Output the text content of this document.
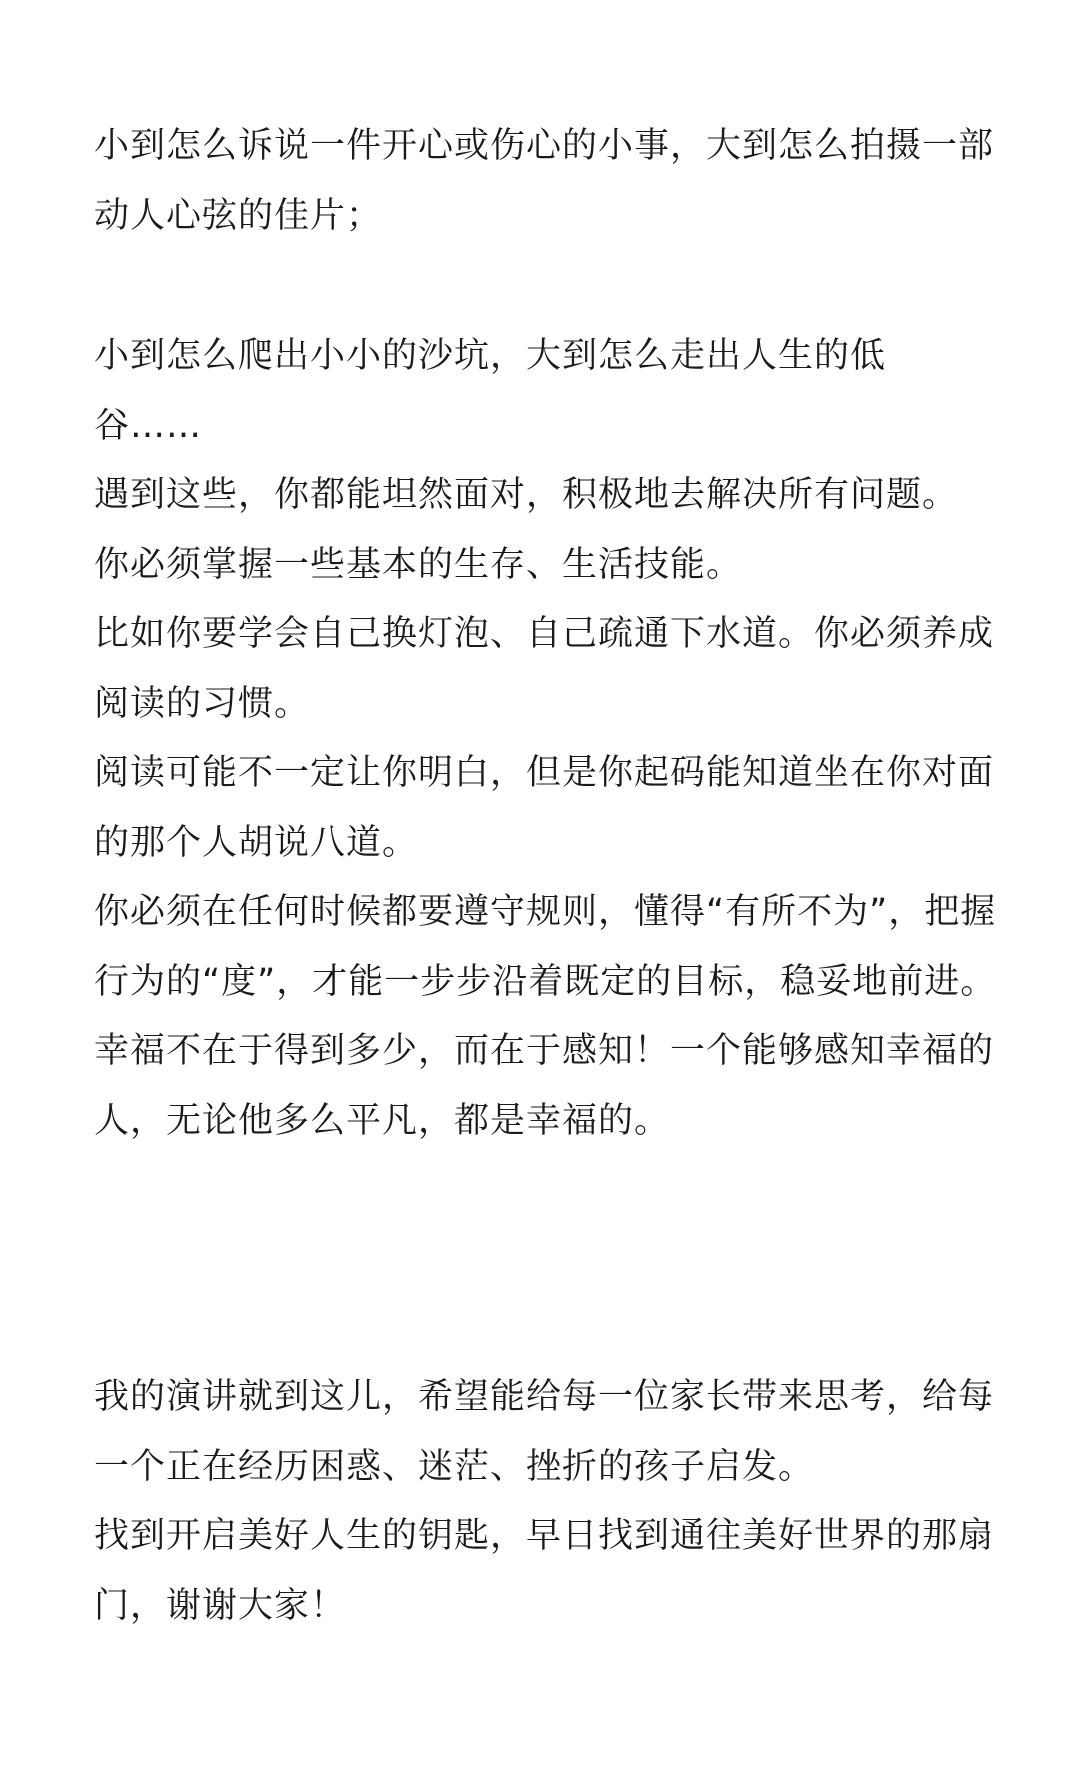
小到怎么诉说一件开心或伤心的小事，大到怎么拍摄一部
动人心弦的佳片；
小到怎么爬出小小的沙坑，大到怎么走出人生的低
谷……
遇到这些，你都能坦然面对，积极地去解决所有问题。
你必须掌握一些基本的生存、生活技能。
比如你要学会自己换灯泡、自己疏通下水道。你必须养成
阅读的习惯。
阅读可能不一定让你明白，但是你起码能知道坐在你对面
的那个人胡说八道。
你必须在任何时候都要遵守规则，懂得“有所不为”，把握
行为的“度”，才能一步步沿着既定的目标，稳妥地前进。
幸福不在于得到多少，而在于感知！一个能够感知幸福的
人，无论他多么平凡，都是幸福的。
我的演讲就到这儿，希望能给每一位家长带来思考，给每
一个正在经历困惑、迷茫、挫折的孩子启发。
找到开启美好人生的钥匙，早日找到通往美好世界的那扇
门，谢谢大家！
